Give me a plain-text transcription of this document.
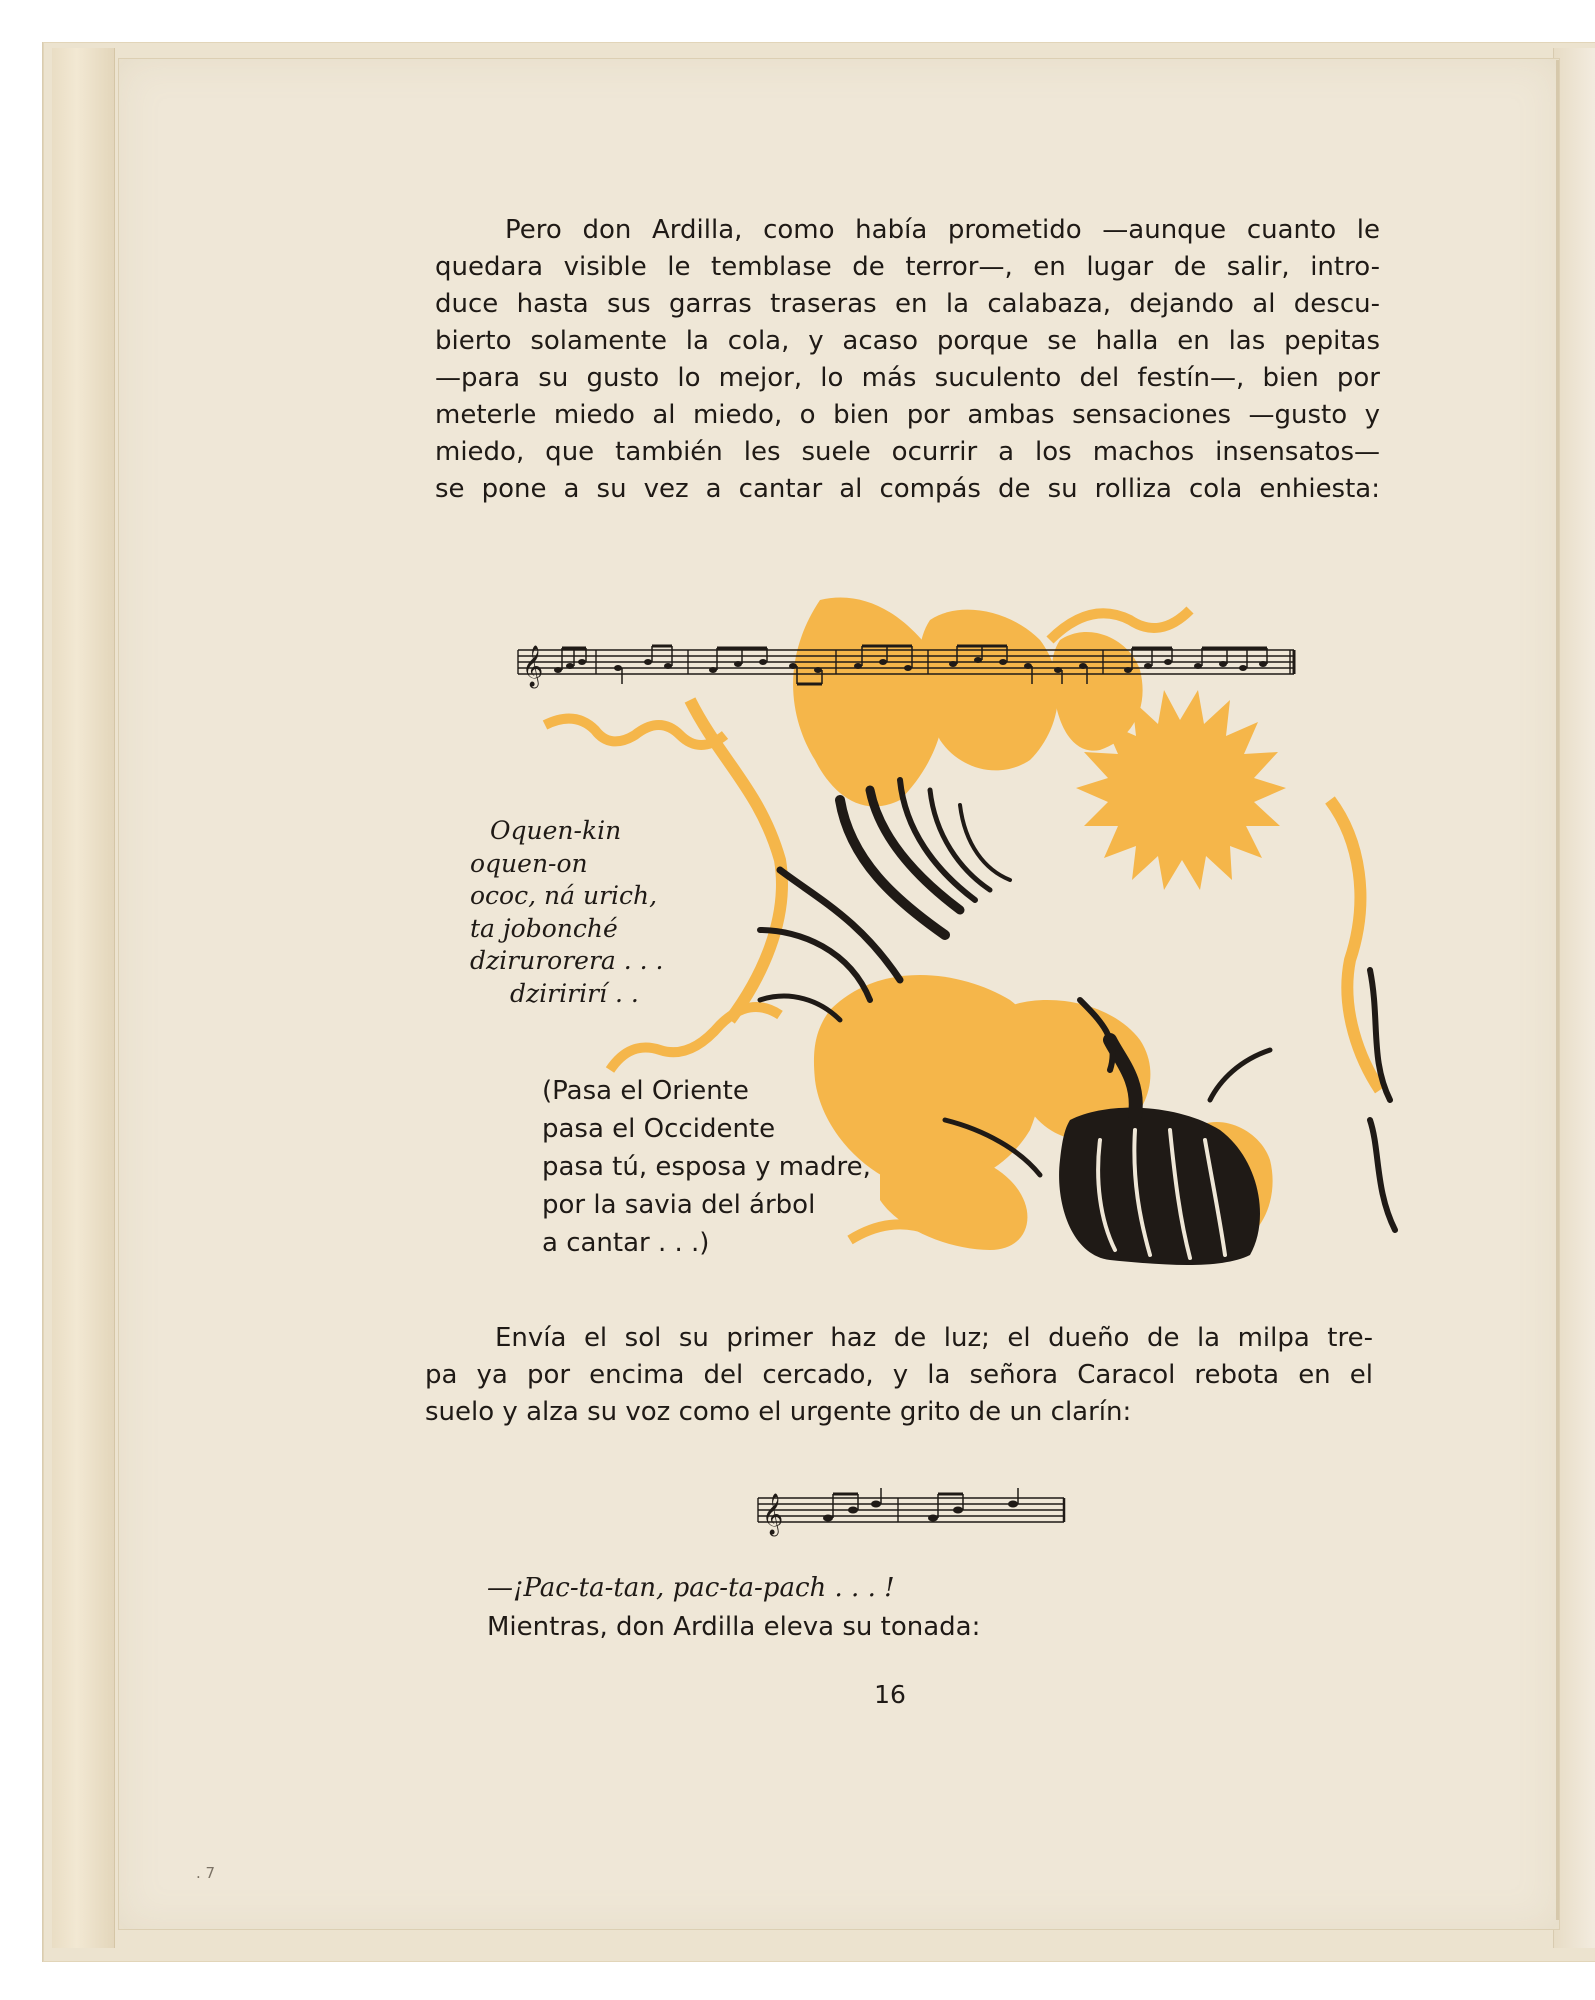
Pero don Ardilla, como había prometido —aunque cuanto le
quedara visible le temblase de terror—, en lugar de salir, intro-
duce hasta sus garras traseras en la calabaza, dejando al descu-
bierto solamente la cola, y acaso porque se halla en las pepitas
—para su gusto lo mejor, lo más suculento del festín—, bien por
meterle miedo al miedo, o bien por ambas sensaciones —gusto y
miedo, que también les suele ocurrir a los machos insensatos—
se pone a su vez a cantar al compás de su rolliza cola enhiesta:
𝄞
Oquen-kin
oquen-on
ococ, ná urich,
ta jobonché
dzirurorera . . .
dziririrí . .
(Pasa el Oriente
pasa el Occidente
pasa tú, esposa y madre,
por la savia del árbol
a cantar . . .)
Envía el sol su primer haz de luz; el dueño de la milpa tre-
pa ya por encima del cercado, y la señora Caracol rebota en el
suelo y alza su voz como el urgente grito de un clarín:
𝄞
—¡Pac-ta-tan, pac-ta-pach . . . !
Mientras, don Ardilla eleva su tonada:
16
. 7
